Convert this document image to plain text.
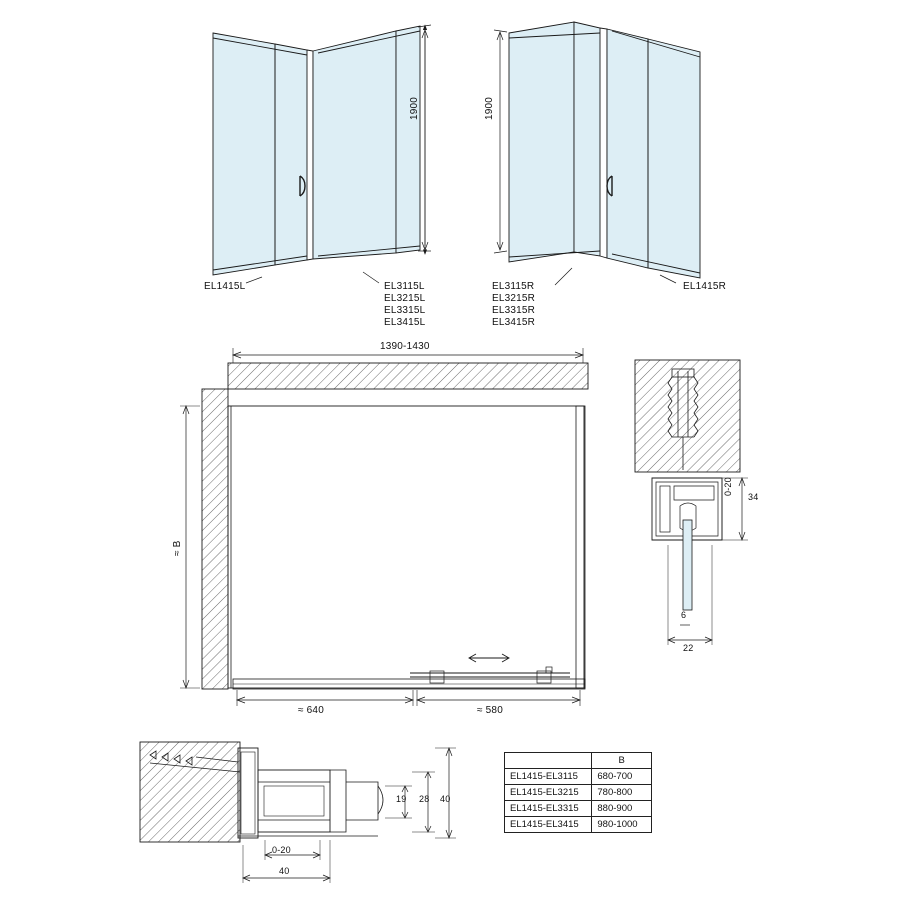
1900
EL1415L	EL3115L
EL3215L
EL3315L
EL3415L
1900
EL3115R
EL3215R
EL3315R
EL3415R
EL1415R
1390-1430
≈ B
≈ 640	≈ 580
0-20
34
6
22
19 28 40
0-20
40
	B
EL1415-EL3115	680-700
EL1415-EL3215	780-800
EL1415-EL3315	880-900
EL1415-EL3415	980-1000
